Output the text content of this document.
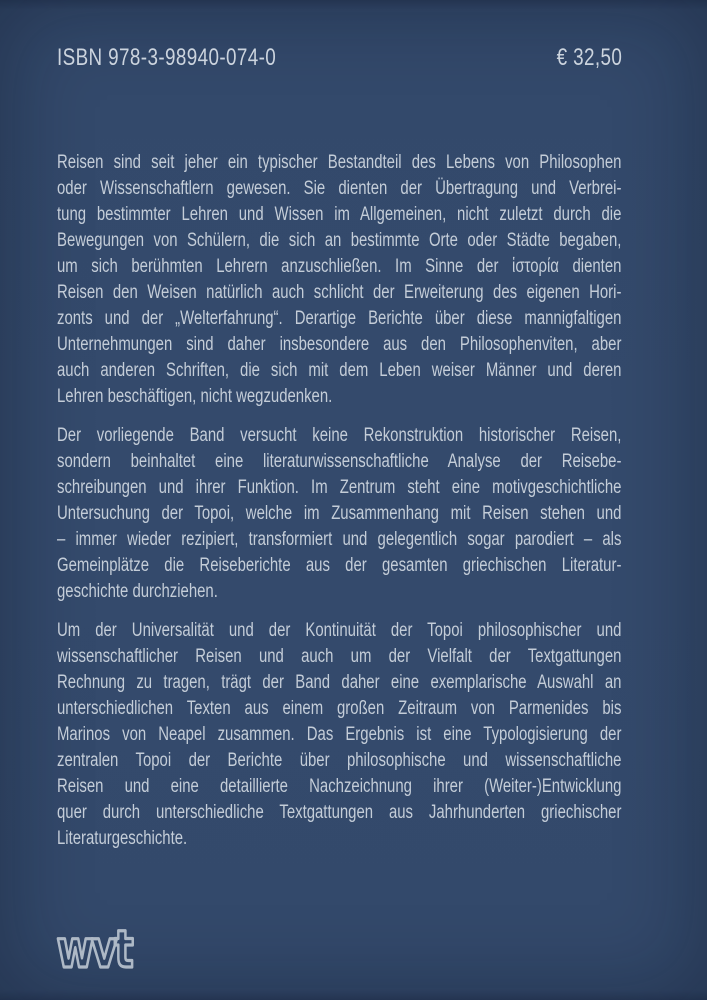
ISBN 978-3-98940-074-0	€ 32,50
Reisen sind seit jeher ein typischer Bestandteil des Lebens von Philosophen
oder Wissenschaftlern gewesen. Sie dienten der Übertragung und Verbrei-
tung bestimmter Lehren und Wissen im Allgemeinen, nicht zuletzt durch die
Bewegungen von Schülern, die sich an bestimmte Orte oder Städte begaben,
um sich berühmten Lehrern anzuschließen. Im Sinne der ἱστορία dienten
Reisen den Weisen natürlich auch schlicht der Erweiterung des eigenen Hori-
zonts und der „Welterfahrung“. Derartige Berichte über diese mannigfaltigen
Unternehmungen sind daher insbesondere aus den Philosophenviten, aber
auch anderen Schriften, die sich mit dem Leben weiser Männer und deren
Lehren beschäftigen, nicht wegzudenken.
Der vorliegende Band versucht keine Rekonstruktion historischer Reisen,
sondern beinhaltet eine literaturwissenschaftliche Analyse der Reisebe-
schreibungen und ihrer Funktion. Im Zentrum steht eine motivgeschichtliche
Untersuchung der Topoi, welche im Zusammenhang mit Reisen stehen und
– immer wieder rezipiert, transformiert und gelegentlich sogar parodiert – als
Gemeinplätze die Reiseberichte aus der gesamten griechischen Literatur-
geschichte durchziehen.
Um der Universalität und der Kontinuität der Topoi philosophischer und
wissenschaftlicher Reisen und auch um der Vielfalt der Textgattungen
Rechnung zu tragen, trägt der Band daher eine exemplarische Auswahl an
unterschiedlichen Texten aus einem großen Zeitraum von Parmenides bis
Marinos von Neapel zusammen. Das Ergebnis ist eine Typologisierung der
zentralen Topoi der Berichte über philosophische und wissenschaftliche
Reisen und eine detaillierte Nachzeichnung ihrer (Weiter-)Entwicklung
quer durch unterschiedliche Textgattungen aus Jahrhunderten griechischer
Literaturgeschichte.
wvt
